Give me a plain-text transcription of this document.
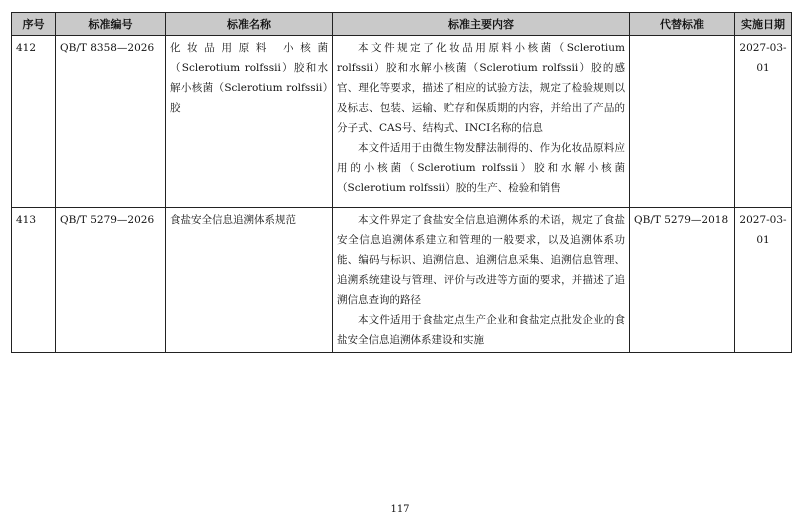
序号	标准编号	标准名称	标准主要内容	代替标准	实施日期
412	QB/T 8358—2026	化妆品用原料 小核菌（Sclerotium rolfssii）胶和水解小核菌（Sclerotium rolfssii）胶	本文件规定了化妆品用原料小核菌（Sclerotium rolfssii）胶和水解小核菌（Sclerotium rolfssii）胶的感官、理化等要求，描述了相应的试验方法，规定了检验规则以及标志、包装、运输、贮存和保质期的内容，并给出了产品的分子式、CAS号、结构式、INCI名称的信息

本文件适用于由微生物发酵法制得的、作为化妆品原料应用的小核菌（Sclerotium rolfssii）胶和水解小核菌（Sclerotium rolfssii）胶的生产、检验和销售		2027-03-01
413	QB/T 5279—2026	食盐安全信息追溯体系规范	本文件界定了食盐安全信息追溯体系的术语，规定了食盐安全信息追溯体系建立和管理的一般要求，以及追溯体系功能、编码与标识、追溯信息、追溯信息采集、追溯信息管理、追溯系统建设与管理、评价与改进等方面的要求，并描述了追溯信息查询的路径

本文件适用于食盐定点生产企业和食盐定点批发企业的食盐安全信息追溯体系建设和实施	QB/T 5279—2018	2027-03-01
117
